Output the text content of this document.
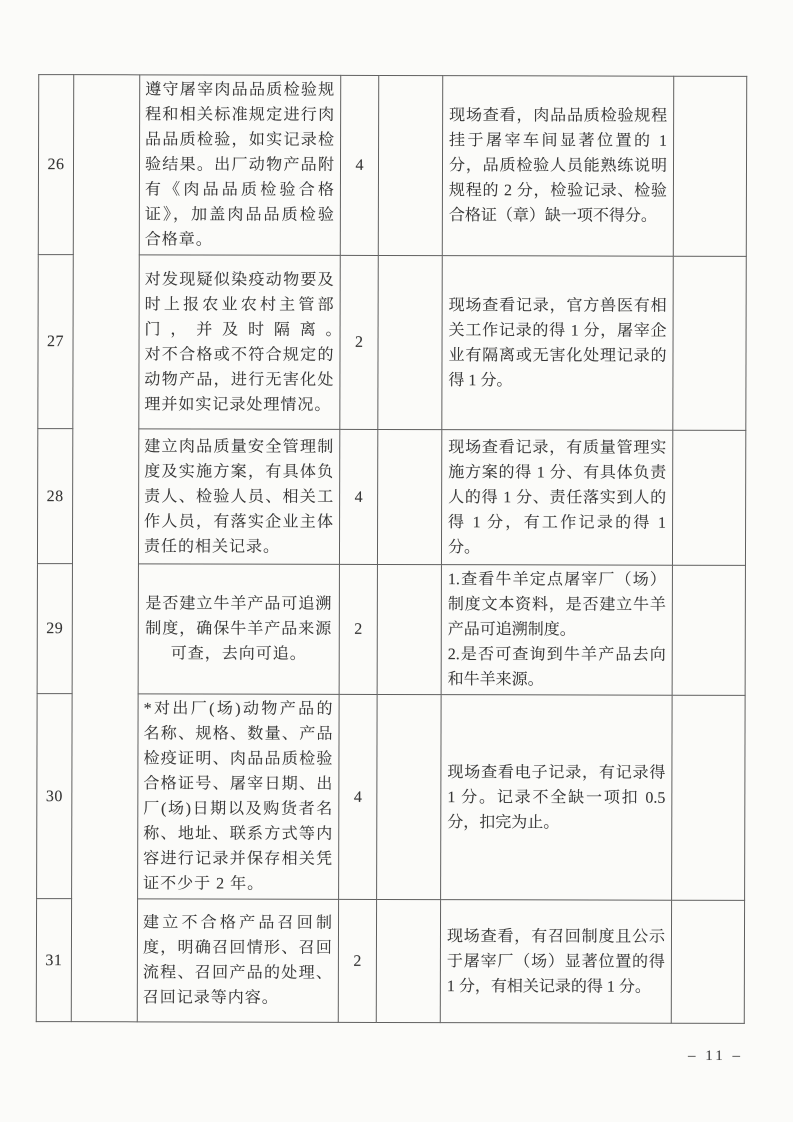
26		遵守屠宰肉品品质检验规程和相关标准规定进行肉品品质检验，如实记录检验结果。出厂动物产品附有《肉品品质检验合格证》，加盖肉品品质检验合格章。	4		现场查看，肉品品质检验规程挂于屠宰车间显著位置的 1 分，品质检验人员能熟练说明规程的 2 分，检验记录、检验合格证（章）缺一项不得分。	
27		对发现疑似染疫动物要及时上报农业农村主管部门，并及时隔离。　　　　对不合格或不符合规定的动物产品，进行无害化处理并如实记录处理情况。	2		现场查看记录，官方兽医有相关工作记录的得 1 分，屠宰企业有隔离或无害化处理记录的得 1 分。	
28		建立肉品质量安全管理制度及实施方案，有具体负责人、检验人员、相关工作人员，有落实企业主体责任的相关记录。	4		现场查看记录，有质量管理实施方案的得 1 分、有具体负责人的得 1 分、责任落实到人的得 1 分，有工作记录的得 1 分。	
29		是否建立牛羊产品可追溯制度，确保牛羊产品来源可查，去向可追。	2		1.查看牛羊定点屠宰厂（场）制度文本资料，是否建立牛羊产品可追溯制度。
2.是否可查询到牛羊产品去向和牛羊来源。	
30		*对出厂(场)动物产品的名称、规格、数量、产品检疫证明、肉品品质检验合格证号、屠宰日期、出厂(场)日期以及购货者名称、地址、联系方式等内容进行记录并保存相关凭证不少于 2 年。	4		现场查看电子记录，有记录得 1 分。记录不全缺一项扣 0.5 分，扣完为止。	
31		建立不合格产品召回制度，明确召回情形、召回流程、召回产品的处理、召回记录等内容。	2		现场查看，有召回制度且公示于屠宰厂（场）显著位置的得 1 分，有相关记录的得 1 分。	
– 11 –
